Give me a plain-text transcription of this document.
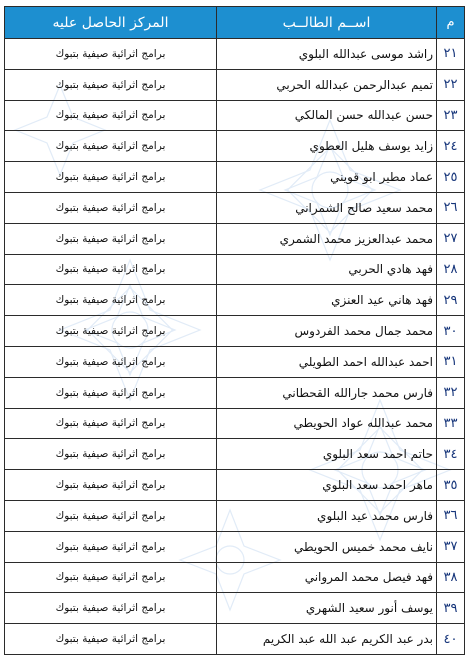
م	اســم الطالــب	المركز الحاصل عليه
٢١	راشد موسى عبدالله البلوي	برامج اثرائية صيفية بتبوك
٢٢	تميم عبدالرحمن عبدالله الحربي	برامج اثرائية صيفية بتبوك
٢٣	حسن عبدالله حسن المالكي	برامج اثرائية صيفية بتبوك
٢٤	زايد يوسف هليل العطوي	برامج اثرائية صيفية بتبوك
٢٥	عماد مطير ابو قويني	برامج اثرائية صيفية بتبوك
٢٦	محمد سعيد صالح الشمراني	برامج اثرائية صيفية بتبوك
٢٧	محمد عبدالعزيز محمد الشمري	برامج اثرائية صيفية بتبوك
٢٨	فهد هادي الحربي	برامج اثرائية صيفية بتبوك
٢٩	فهد هاني عيد العنزي	برامج اثرائية صيفية بتبوك
٣٠	محمد جمال محمد الفردوس	برامج اثرائية صيفية بتبوك
٣١	احمد عبدالله احمد الطويلي	برامج اثرائية صيفية بتبوك
٣٢	فارس محمد جارالله القحطاني	برامج اثرائية صيفية بتبوك
٣٣	محمد عبدالله عواد الحويطي	برامج اثرائية صيفية بتبوك
٣٤	حاتم احمد سعد البلوي	برامج اثرائية صيفية بتبوك
٣٥	ماهر احمد سعد البلوي	برامج اثرائية صيفية بتبوك
٣٦	فارس محمد عيد البلوي	برامج اثرائية صيفية بتبوك
٣٧	نايف محمد خميس الحويطي	برامج اثرائية صيفية بتبوك
٣٨	فهد فيصل محمد المرواني	برامج اثرائية صيفية بتبوك
٣٩	يوسف أنور سعيد الشهري	برامج اثرائية صيفية بتبوك
٤٠	بدر عبد الكريم عبد الله عبد الكريم	برامج اثرائية صيفية بتبوك
